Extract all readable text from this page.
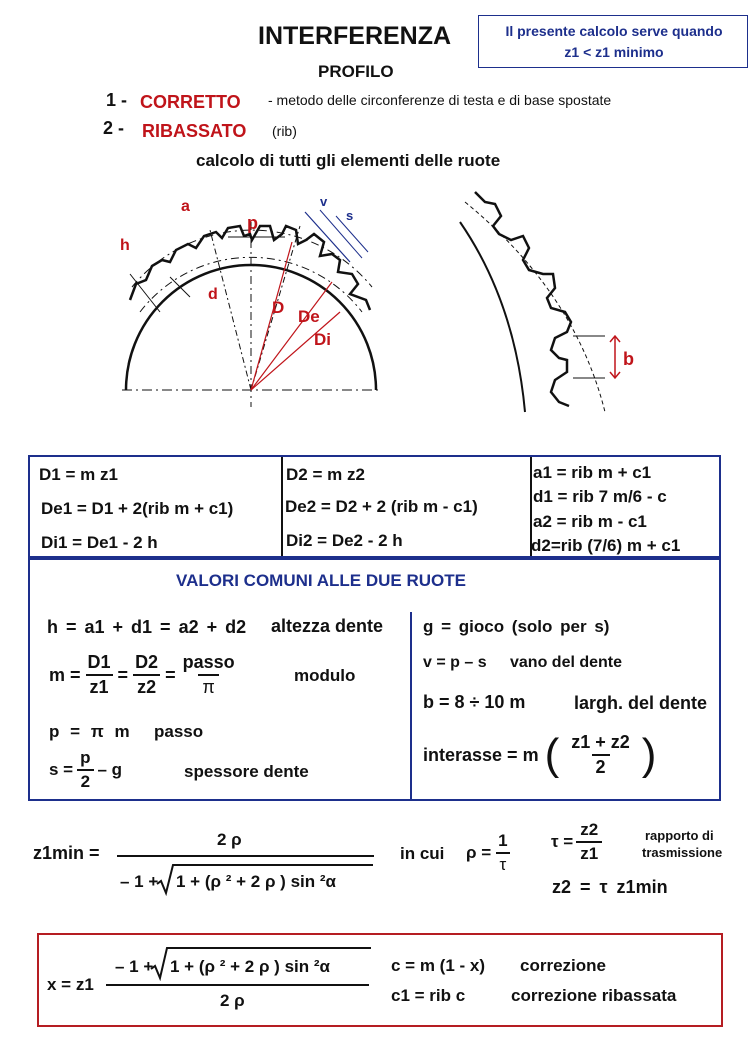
INTERFERENZA	Il presente calcolo serve quando
z1 < z1 minimo
PROFILO
1 - CORRETTO - metodo delle circonferenze di testa e di base spostate
2 - RIBASSATO (rib)
calcolo di tutti gli elementi delle ruote
a
p
h
d
v
s
D De
Di
b
D1 = m z1
De1 = D1 + 2(rib m + c1)
Di1 = De1 - 2 h
D2 = m z2
De2 = D2 + 2 (rib m - c1)
Di2 = De2 - 2 h
a1 = rib m + c1
d1 = rib 7 m/6 - c
a2 = rib m - c1
d2=rib (7/6) m + c1
VALORI COMUNI ALLE DUE RUOTE
h = a1 + d1 = a2 + d2 altezza dente
$m = \frac{D1}{z1} = \frac{D2}{z2} = \frac{\text{passo}}{\pi}$	modulo
p = π m passo
$s = \frac{p}{2} - g$	spessore dente
g = gioco (solo per s)
v = p – s vano del dente
b = 8 ÷ 10 m	largh. del dente
interasse = m ( $\frac{z1 + z2}{2}$ )
z1min =
2 ρ
– 1 + 1 + (ρ ² + 2 ρ ) sin ²α
in cui $\rho = \frac{1}{\tau}$ $\tau = \frac{z2}{z1}$	rapporto di
trasmissione
z2 = τ z1min
x = z1
– 1 + 1 + (ρ ² + 2 ρ ) sin ²α
2 ρ
c = m (1 - x) correzione
c1 = rib c	correzione ribassata
